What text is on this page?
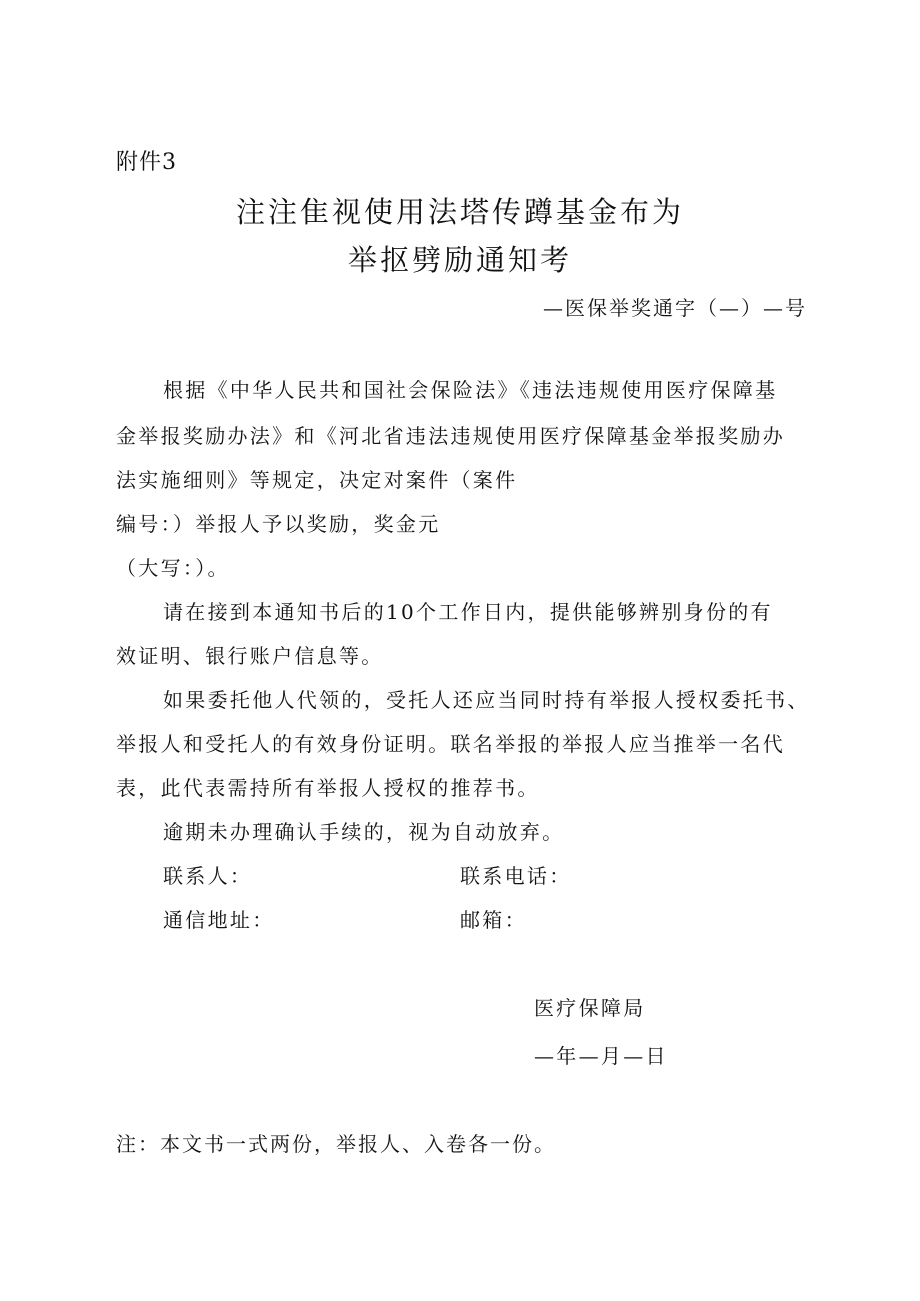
附件3
注注隹视使用法塔传蹲基金布为
举抠劈励通知考
—医保举奖通字（—）—号
根据《中华人民共和国社会保险法》《违法违规使用医疗保障基
金举报奖励办法》和《河北省违法违规使用医疗保障基金举报奖励办
法实施细则》等规定，决定对案件（案件
编号：）举报人予以奖励，奖金元
（大写：）。
请在接到本通知书后的10个工作日内，提供能够辨别身份的有
效证明、银行账户信息等。
如果委托他人代领的，受托人还应当同时持有举报人授权委托书、
举报人和受托人的有效身份证明。联名举报的举报人应当推举一名代
表，此代表需持所有举报人授权的推荐书。
逾期未办理确认手续的，视为自动放弃。
联系人：	联系电话：
通信地址：	邮箱：
医疗保障局
—年—月—日
注：本文书一式两份，举报人、入卷各一份。
